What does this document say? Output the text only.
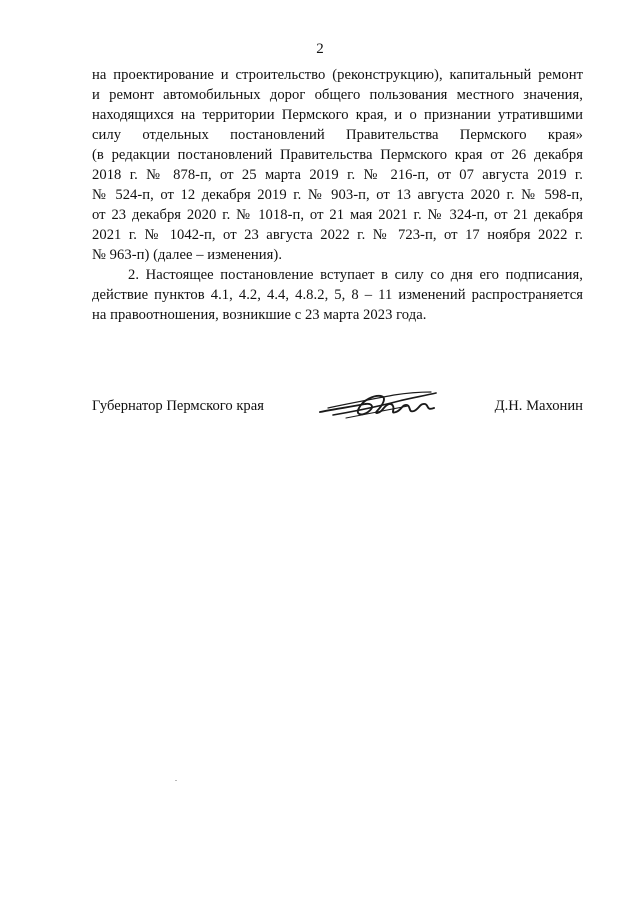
2
на проектирование и строительство (реконструкцию), капитальный ремонт
и ремонт автомобильных дорог общего пользования местного значения,
находящихся на территории Пермского края, и о признании утратившими
силу отдельных постановлений Правительства Пермского края»
(в редакции постановлений Правительства Пермского края от 26 декабря
2018 г. № 878-п, от 25 марта 2019 г. № 216-п, от 07 августа 2019 г.
№ 524-п, от 12 декабря 2019 г. № 903-п, от 13 августа 2020 г. № 598-п,
от 23 декабря 2020 г. № 1018-п, от 21 мая 2021 г. № 324-п, от 21 декабря
2021 г. № 1042-п, от 23 августа 2022 г. № 723-п, от 17 ноября 2022 г.
№ 963-п) (далее – изменения).
2. Настоящее постановление вступает в силу со дня его подписания,
действие пунктов 4.1, 4.2, 4.4, 4.8.2, 5, 8 – 11 изменений распространяется
на правоотношения, возникшие с 23 марта 2023 года.
Губернатор Пермского края	Д.Н. Махонин
